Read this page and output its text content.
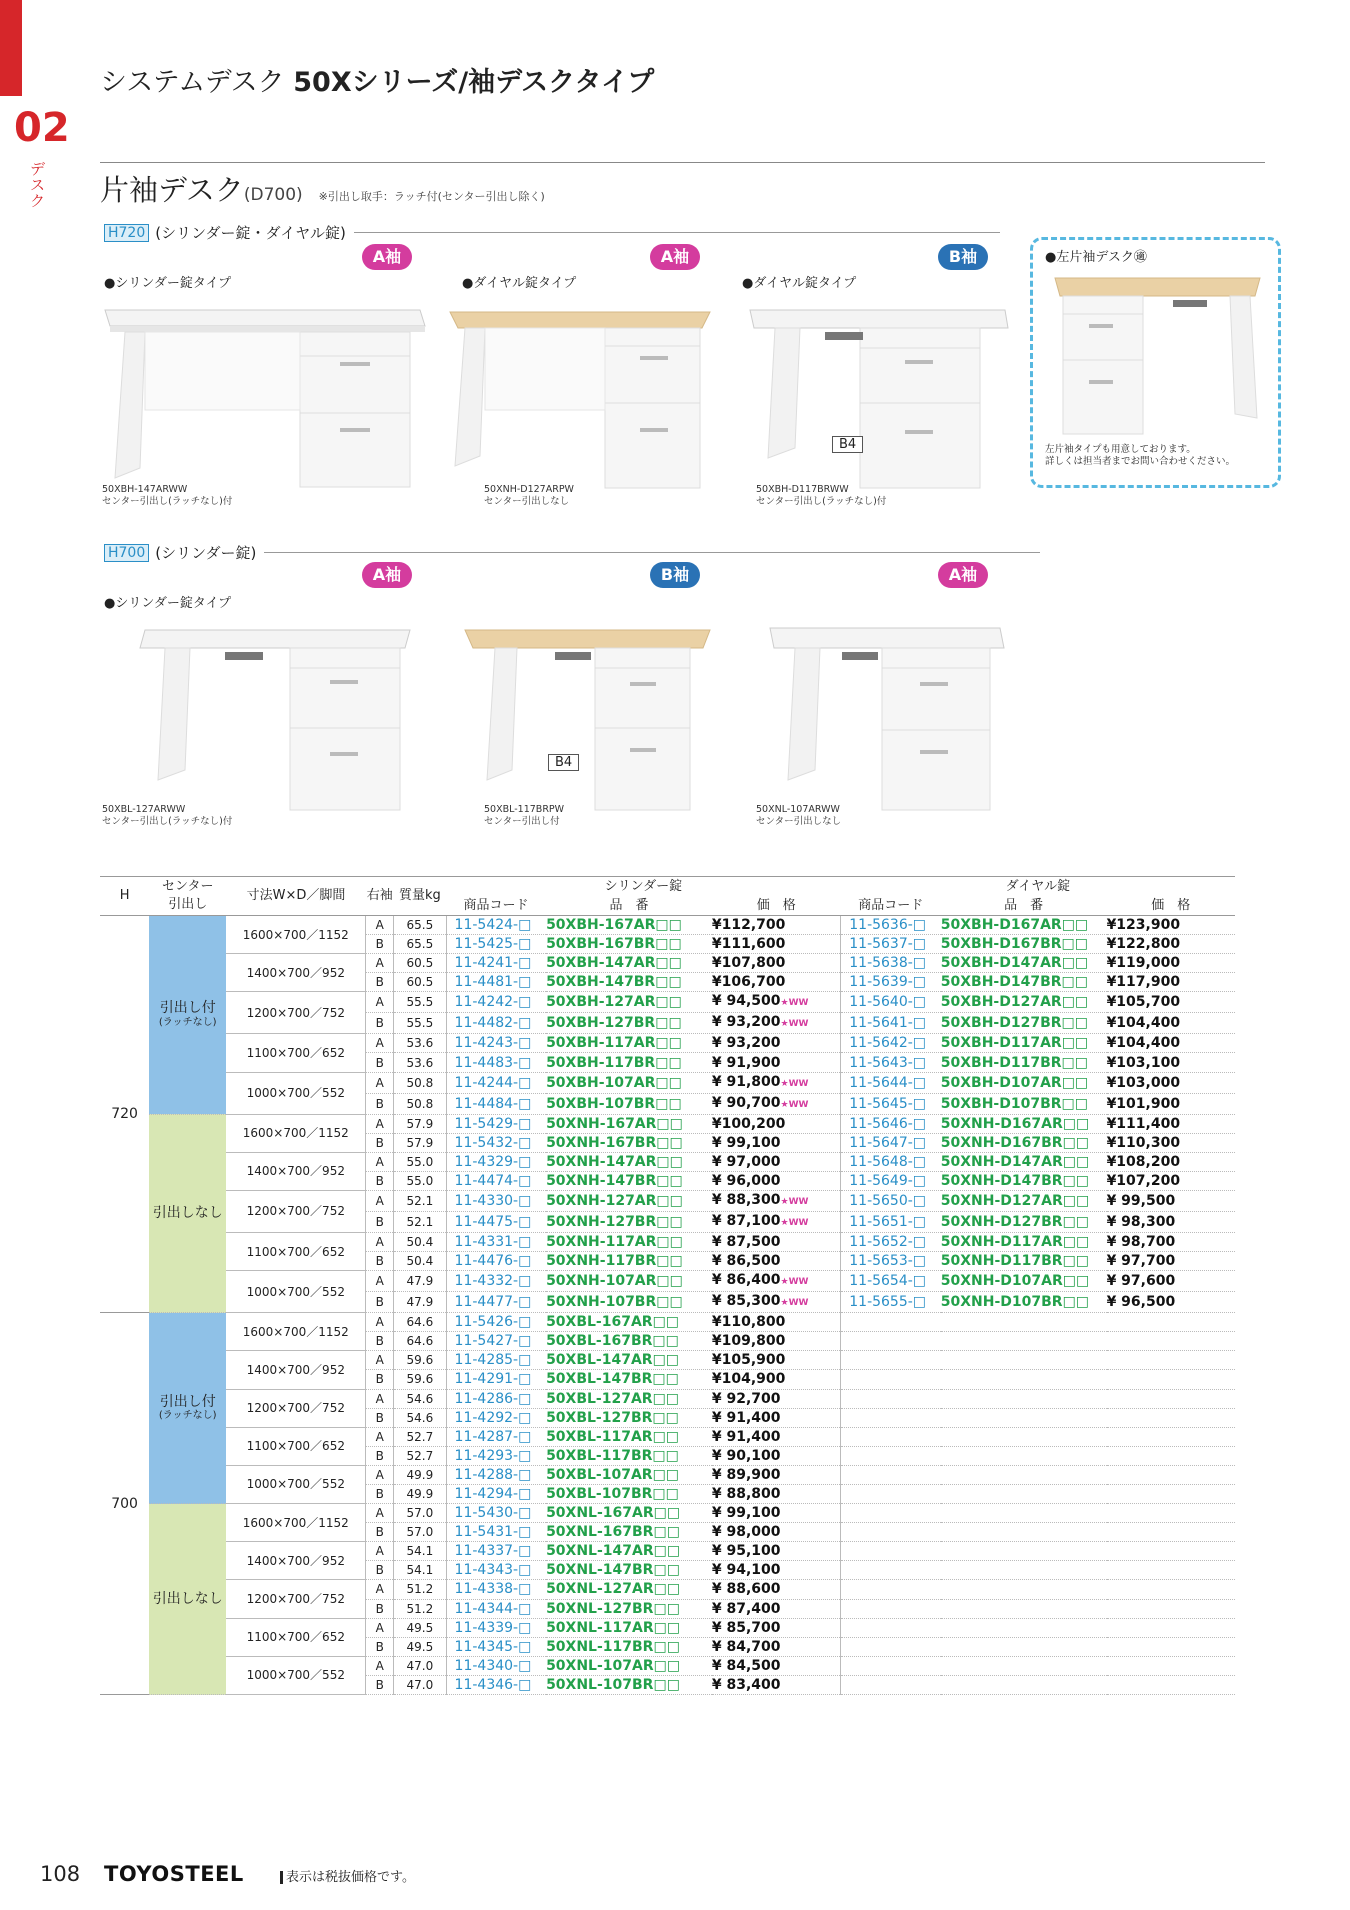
02
デスク
システムデスク 50Xシリーズ/袖デスクタイプ
片袖デスク(D700) ※引出し取手：ラッチ付(センター引出し除く)
H720 (シリンダー錠・ダイヤル錠)
A袖	A袖	B袖
●シリンダー錠タイプ	●ダイヤル錠タイプ	●ダイヤル錠タイプ
B4
50XBH-147ARWW
センター引出し(ラッチなし)付
50XNH-D127ARPW
センター引出しなし
50XBH-D117BRWW
センター引出し(ラッチなし)付
●左片袖デスク㊜
左片袖タイプも用意しております。
詳しくは担当者までお問い合わせください。
H700 (シリンダー錠)
A袖	B袖	A袖
●シリンダー錠タイプ
B4
50XBL-127ARWW
センター引出し(ラッチなし)付
50XBL-117BRPW
センター引出し付
50XNL-107ARWW
センター引出しなし
H	センター
引出し	寸法W×D／脚間	右袖	質量kg	シリンダー錠			ダイヤル錠		
					商品コード	品　番	価　格	商品コード	品　番	価　格
720	引出し付
(ラッチなし)	1600×700／1152	A	65.5	11-5424-□	50XBH-167AR□□	¥112,700	11-5636-□	50XBH-D167AR□□	¥123,900
			B	65.5	11-5425-□	50XBH-167BR□□	¥111,600	11-5637-□	50XBH-D167BR□□	¥122,800
		1400×700／952	A	60.5	11-4241-□	50XBH-147AR□□	¥107,800	11-5638-□	50XBH-D147AR□□	¥119,000
			B	60.5	11-4481-□	50XBH-147BR□□	¥106,700	11-5639-□	50XBH-D147BR□□	¥117,900
		1200×700／752	A	55.5	11-4242-□	50XBH-127AR□□	¥ 94,500★WW	11-5640-□	50XBH-D127AR□□	¥105,700
			B	55.5	11-4482-□	50XBH-127BR□□	¥ 93,200★WW	11-5641-□	50XBH-D127BR□□	¥104,400
		1100×700／652	A	53.6	11-4243-□	50XBH-117AR□□	¥ 93,200	11-5642-□	50XBH-D117AR□□	¥104,400
			B	53.6	11-4483-□	50XBH-117BR□□	¥ 91,900	11-5643-□	50XBH-D117BR□□	¥103,100
		1000×700／552	A	50.8	11-4244-□	50XBH-107AR□□	¥ 91,800★WW	11-5644-□	50XBH-D107AR□□	¥103,000
			B	50.8	11-4484-□	50XBH-107BR□□	¥ 90,700★WW	11-5645-□	50XBH-D107BR□□	¥101,900
	引出しなし	1600×700／1152	A	57.9	11-5429-□	50XNH-167AR□□	¥100,200	11-5646-□	50XNH-D167AR□□	¥111,400
			B	57.9	11-5432-□	50XNH-167BR□□	¥ 99,100	11-5647-□	50XNH-D167BR□□	¥110,300
		1400×700／952	A	55.0	11-4329-□	50XNH-147AR□□	¥ 97,000	11-5648-□	50XNH-D147AR□□	¥108,200
			B	55.0	11-4474-□	50XNH-147BR□□	¥ 96,000	11-5649-□	50XNH-D147BR□□	¥107,200
		1200×700／752	A	52.1	11-4330-□	50XNH-127AR□□	¥ 88,300★WW	11-5650-□	50XNH-D127AR□□	¥ 99,500
			B	52.1	11-4475-□	50XNH-127BR□□	¥ 87,100★WW	11-5651-□	50XNH-D127BR□□	¥ 98,300
		1100×700／652	A	50.4	11-4331-□	50XNH-117AR□□	¥ 87,500	11-5652-□	50XNH-D117AR□□	¥ 98,700
			B	50.4	11-4476-□	50XNH-117BR□□	¥ 86,500	11-5653-□	50XNH-D117BR□□	¥ 97,700
		1000×700／552	A	47.9	11-4332-□	50XNH-107AR□□	¥ 86,400★WW	11-5654-□	50XNH-D107AR□□	¥ 97,600
			B	47.9	11-4477-□	50XNH-107BR□□	¥ 85,300★WW	11-5655-□	50XNH-D107BR□□	¥ 96,500
700	引出し付
(ラッチなし)	1600×700／1152	A	64.6	11-5426-□	50XBL-167AR□□	¥110,800			
			B	64.6	11-5427-□	50XBL-167BR□□	¥109,800			
		1400×700／952	A	59.6	11-4285-□	50XBL-147AR□□	¥105,900			
			B	59.6	11-4291-□	50XBL-147BR□□	¥104,900			
		1200×700／752	A	54.6	11-4286-□	50XBL-127AR□□	¥ 92,700			
			B	54.6	11-4292-□	50XBL-127BR□□	¥ 91,400			
		1100×700／652	A	52.7	11-4287-□	50XBL-117AR□□	¥ 91,400			
			B	52.7	11-4293-□	50XBL-117BR□□	¥ 90,100			
		1000×700／552	A	49.9	11-4288-□	50XBL-107AR□□	¥ 89,900			
			B	49.9	11-4294-□	50XBL-107BR□□	¥ 88,800			
	引出しなし	1600×700／1152	A	57.0	11-5430-□	50XNL-167AR□□	¥ 99,100			
			B	57.0	11-5431-□	50XNL-167BR□□	¥ 98,000			
		1400×700／952	A	54.1	11-4337-□	50XNL-147AR□□	¥ 95,100			
			B	54.1	11-4343-□	50XNL-147BR□□	¥ 94,100			
		1200×700／752	A	51.2	11-4338-□	50XNL-127AR□□	¥ 88,600			
			B	51.2	11-4344-□	50XNL-127BR□□	¥ 87,400			
		1100×700／652	A	49.5	11-4339-□	50XNL-117AR□□	¥ 85,700			
			B	49.5	11-4345-□	50XNL-117BR□□	¥ 84,700			
		1000×700／552	A	47.0	11-4340-□	50XNL-107AR□□	¥ 84,500			
			B	47.0	11-4346-□	50XNL-107BR□□	¥ 83,400			
108 TOYOSTEEL	表示は税抜価格です。
